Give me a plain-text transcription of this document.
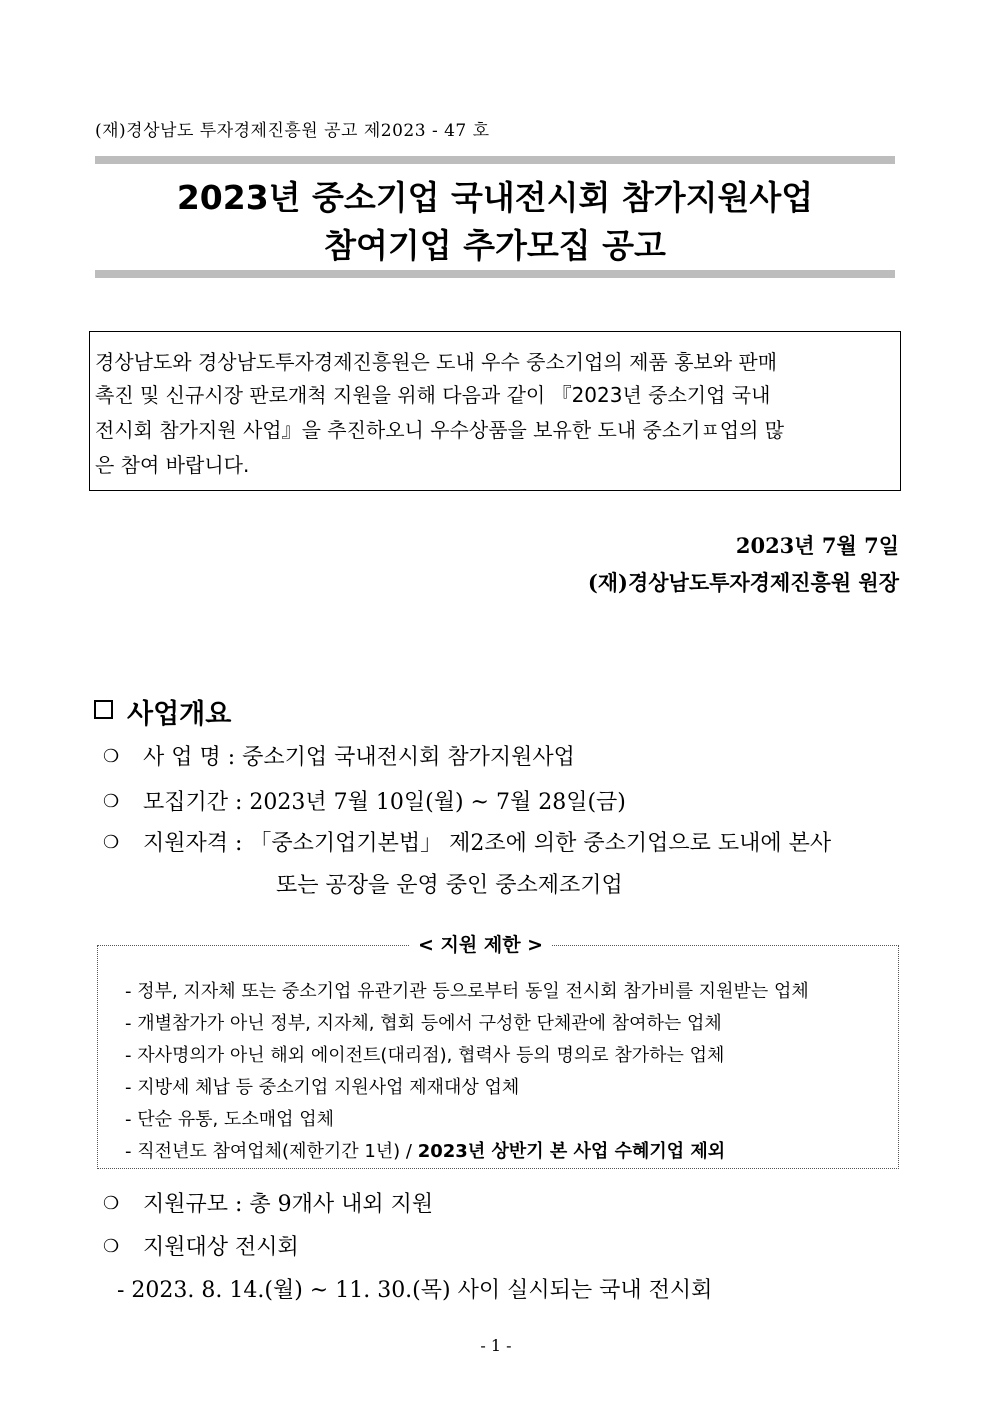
(재)경상남도 투자경제진흥원 공고 제2023 - 47 호
2023년 중소기업 국내전시회 참가지원사업
참여기업 추가모집 공고
경상남도와 경상남도투자경제진흥원은 도내 우수 중소기업의 제품 홍보와 판매
촉진 및 신규시장 판로개척 지원을 위해 다음과 같이 『2023년 중소기업 국내
전시회 참가지원 사업』을 추진하오니 우수상품을 보유한 도내 중소기ㅍ업의 많
은 참여 바랍니다.
2023년 7월 7일
(재)경상남도투자경제진흥원 원장
사업개요
❍ 사 업 명 : 중소기업 국내전시회 참가지원사업
❍ 모집기간 : 2023년 7월 10일(월) ~ 7월 28일(금)
❍ 지원자격 : 「중소기업기본법」 제2조에 의한 중소기업으로 도내에 본사
또는 공장을 운영 중인 중소제조기업
< 지원 제한 >
- 정부, 지자체 또는 중소기업 유관기관 등으로부터 동일 전시회 참가비를 지원받는 업체
- 개별참가가 아닌 정부, 지자체, 협회 등에서 구성한 단체관에 참여하는 업체
- 자사명의가 아닌 해외 에이전트(대리점), 협력사 등의 명의로 참가하는 업체
- 지방세 체납 등 중소기업 지원사업 제재대상 업체
- 단순 유통, 도소매업 업체
- 직전년도 참여업체(제한기간 1년) / 2023년 상반기 본 사업 수혜기업 제외
❍ 지원규모 : 총 9개사 내외 지원
❍ 지원대상 전시회
- 2023. 8. 14.(월) ~ 11. 30.(목) 사이 실시되는 국내 전시회
- 1 -
